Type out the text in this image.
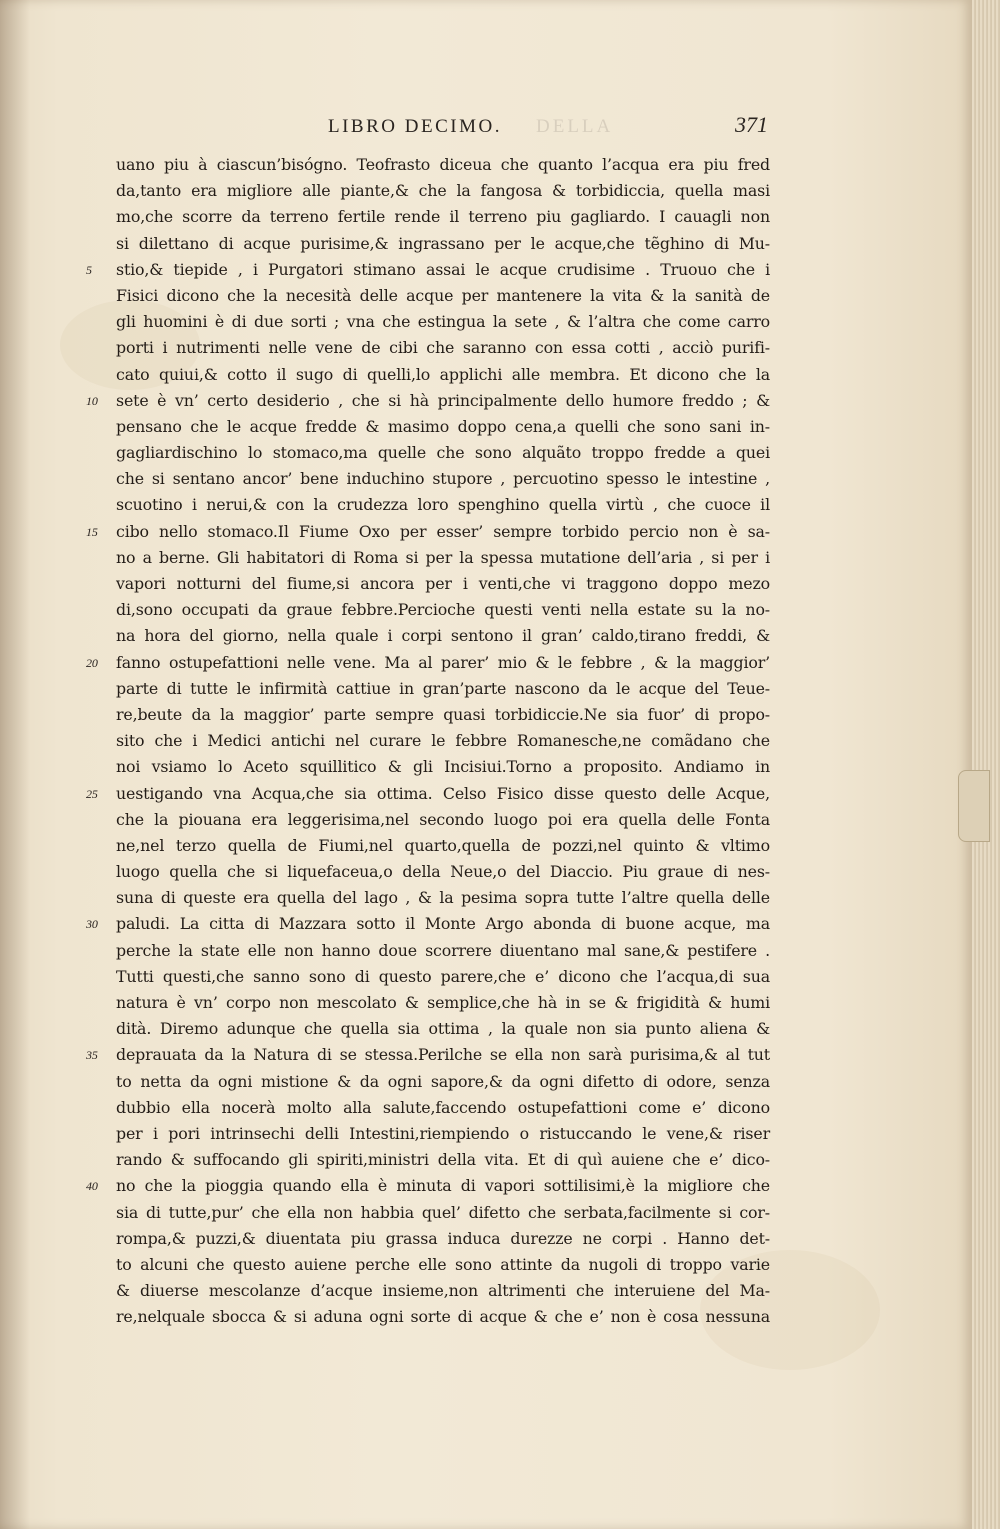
LIBRO DECIMO. DELLA	371
uano piu à ciascun’bisógno. Teofrasto diceua che quanto l’acqua era piu fred
da,tanto era migliore alle piante,& che la fangosa & torbidiccia, quella masi
mo,che scorre da terreno fertile rende il terreno piu gagliardo. I cauagli non
si dilettano di acque purisime,& ingrassano per le acque,che tẽghino di Mu-
5	stio,& tiepide , i Purgatori stimano assai le acque crudisime . Truouo che i
Fisici dicono che la necesità delle acque per mantenere la vita & la sanità de
gli huomini è di due sorti ; vna che estingua la sete , & l’altra che come carro
porti i nutrimenti nelle vene de cibi che saranno con essa cotti , acciò purifi-
cato quiui,& cotto il sugo di quelli,lo applichi alle membra. Et dicono che la
10	sete è vn’ certo desiderio , che si hà principalmente dello humore freddo ; &
pensano che le acque fredde & masimo doppo cena,a quelli che sono sani in-
gagliardischino lo stomaco,ma quelle che sono alquãto troppo fredde a quei
che si sentano ancor’ bene induchino stupore , percuotino spesso le intestine ,
scuotino i nerui,& con la crudezza loro spenghino quella virtù , che cuoce il
15	cibo nello stomaco.Il Fiume Oxo per esser’ sempre torbido percio non è sa-
no a berne. Gli habitatori di Roma si per la spessa mutatione dell’aria , si per i
vapori notturni del fiume,si ancora per i venti,che vi traggono doppo mezo
di,sono occupati da graue febbre.Percioche questi venti nella estate su la no-
na hora del giorno, nella quale i corpi sentono il gran’ caldo,tirano freddi, &
20	fanno ostupefattioni nelle vene. Ma al parer’ mio & le febbre , & la maggior’
parte di tutte le infirmità cattiue in gran’parte nascono da le acque del Teue-
re,beute da la maggior’ parte sempre quasi torbidiccie.Ne sia fuor’ di propo-
sito che i Medici antichi nel curare le febbre Romanesche,ne comãdano che
noi vsiamo lo Aceto squillitico & gli Incisiui.Torno a proposito. Andiamo in
25	uestigando vna Acqua,che sia ottima. Celso Fisico disse questo delle Acque,
che la piouana era leggerisima,nel secondo luogo poi era quella delle Fonta
ne,nel terzo quella de Fiumi,nel quarto,quella de pozzi,nel quinto & vltimo
luogo quella che si liquefaceua,o della Neue,o del Diaccio. Piu graue di nes-
suna di queste era quella del lago , & la pesima sopra tutte l’altre quella delle
30	paludi. La citta di Mazzara sotto il Monte Argo abonda di buone acque, ma
perche la state elle non hanno doue scorrere diuentano mal sane,& pestifere .
Tutti questi,che sanno sono di questo parere,che e’ dicono che l’acqua,di sua
natura è vn’ corpo non mescolato & semplice,che hà in se & frigidità & humi
dità. Diremo adunque che quella sia ottima , la quale non sia punto aliena &
35	deprauata da la Natura di se stessa.Perilche se ella non sarà purisima,& al tut
to netta da ogni mistione & da ogni sapore,& da ogni difetto di odore, senza
dubbio ella nocerà molto alla salute,faccendo ostupefattioni come e’ dicono
per i pori intrinsechi delli Intestini,riempiendo o ristuccando le vene,& riser
rando & suffocando gli spiriti,ministri della vita. Et di quì auiene che e’ dico-
40	no che la pioggia quando ella è minuta di vapori sottilisimi,è la migliore che
sia di tutte,pur’ che ella non habbia quel’ difetto che serbata,facilmente si cor-
rompa,& puzzi,& diuentata piu grassa induca durezze ne corpi . Hanno det-
to alcuni che questo auiene perche elle sono attinte da nugoli di troppo varie
& diuerse mescolanze d’acque insieme,non altrimenti che interuiene del Ma-
re,nelquale sbocca & si aduna ogni sorte di acque & che e’ non è cosa nessuna
